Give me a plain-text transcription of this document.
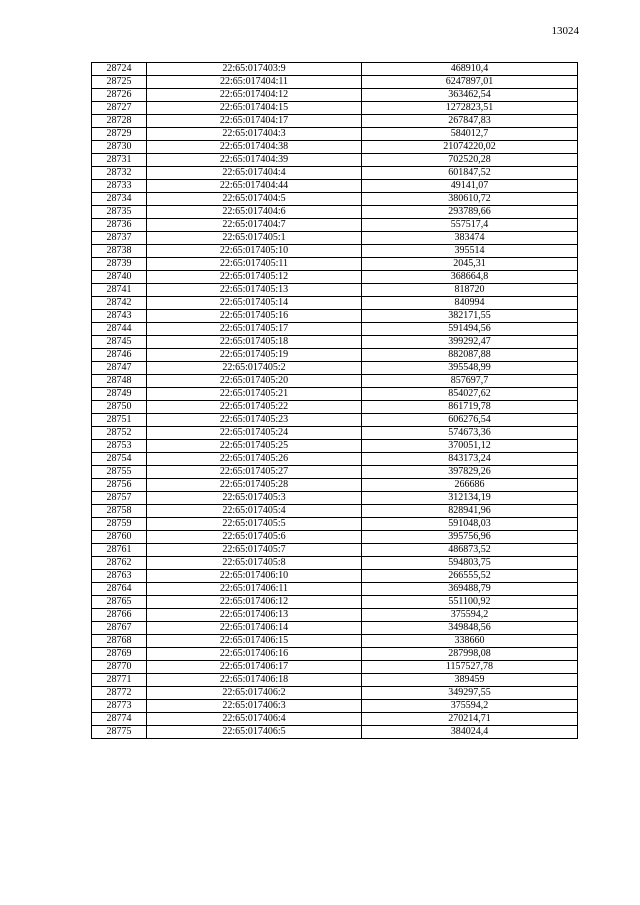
13024
28724	22:65:017403:9	468910,4
28725	22:65:017404:11	6247897,01
28726	22:65:017404:12	363462,54
28727	22:65:017404:15	1272823,51
28728	22:65:017404:17	267847,83
28729	22:65:017404:3	584012,7
28730	22:65:017404:38	21074220,02
28731	22:65:017404:39	702520,28
28732	22:65:017404:4	601847,52
28733	22:65:017404:44	49141,07
28734	22:65:017404:5	380610,72
28735	22:65:017404:6	293789,66
28736	22:65:017404:7	557517,4
28737	22:65:017405:1	383474
28738	22:65:017405:10	395514
28739	22:65:017405:11	2045,31
28740	22:65:017405:12	368664,8
28741	22:65:017405:13	818720
28742	22:65:017405:14	840994
28743	22:65:017405:16	382171,55
28744	22:65:017405:17	591494,56
28745	22:65:017405:18	399292,47
28746	22:65:017405:19	882087,88
28747	22:65:017405:2	395548,99
28748	22:65:017405:20	857697,7
28749	22:65:017405:21	854027,62
28750	22:65:017405:22	861719,78
28751	22:65:017405:23	606276,54
28752	22:65:017405:24	574673,36
28753	22:65:017405:25	370051,12
28754	22:65:017405:26	843173,24
28755	22:65:017405:27	397829,26
28756	22:65:017405:28	266686
28757	22:65:017405:3	312134,19
28758	22:65:017405:4	828941,96
28759	22:65:017405:5	591048,03
28760	22:65:017405:6	395756,96
28761	22:65:017405:7	486873,52
28762	22:65:017405:8	594803,75
28763	22:65:017406:10	266555,52
28764	22:65:017406:11	369488,79
28765	22:65:017406:12	551100,92
28766	22:65:017406:13	375594,2
28767	22:65:017406:14	349848,56
28768	22:65:017406:15	338660
28769	22:65:017406:16	287998,08
28770	22:65:017406:17	1157527,78
28771	22:65:017406:18	389459
28772	22:65:017406:2	349297,55
28773	22:65:017406:3	375594,2
28774	22:65:017406:4	270214,71
28775	22:65:017406:5	384024,4
